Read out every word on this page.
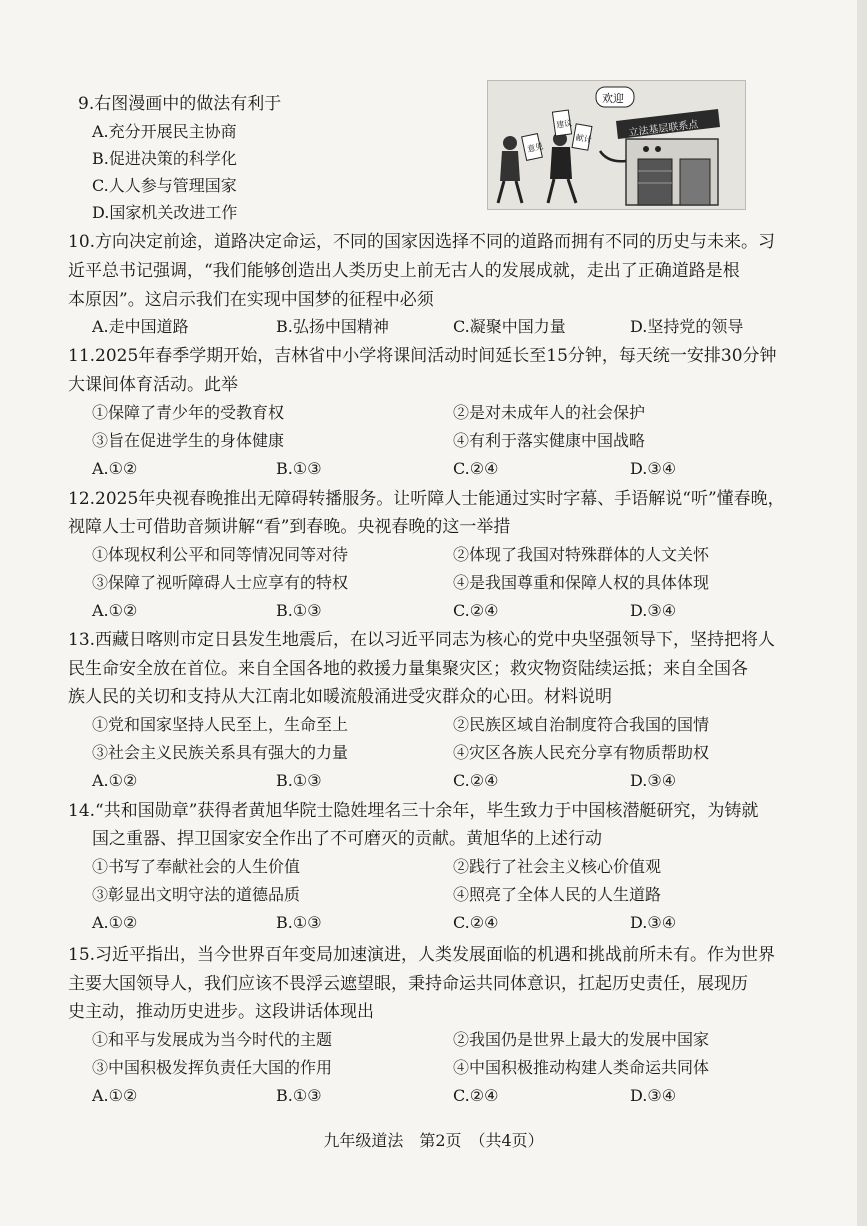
9.右图漫画中的做法有利于
A.充分开展民主协商
B.促进决策的科学化
C.人人参与管理国家
D.国家机关改进工作
立法基层联系点
欢迎
意见
建议
献计
10.方向决定前途，道路决定命运，不同的国家因选择不同的道路而拥有不同的历史与未来。习
近平总书记强调，“我们能够创造出人类历史上前无古人的发展成就，走出了正确道路是根
本原因”。这启示我们在实现中国梦的征程中必须
A.走中国道路	B.弘扬中国精神	C.凝聚中国力量	D.坚持党的领导
11.2025年春季学期开始，吉林省中小学将课间活动时间延长至15分钟，每天统一安排30分钟
大课间体育活动。此举
①保障了青少年的受教育权	②是对未成年人的社会保护
③旨在促进学生的身体健康	④有利于落实健康中国战略
A.①②	B.①③	C.②④	D.③④
12.2025年央视春晚推出无障碍转播服务。让听障人士能通过实时字幕、手语解说“听”懂春晚，
视障人士可借助音频讲解“看”到春晚。央视春晚的这一举措
①体现权利公平和同等情况同等对待	②体现了我国对特殊群体的人文关怀
③保障了视听障碍人士应享有的特权	④是我国尊重和保障人权的具体体现
A.①②	B.①③	C.②④	D.③④
13.西藏日喀则市定日县发生地震后，在以习近平同志为核心的党中央坚强领导下，坚持把将人
民生命安全放在首位。来自全国各地的救援力量集聚灾区；救灾物资陆续运抵；来自全国各
族人民的关切和支持从大江南北如暖流般涌进受灾群众的心田。材料说明
①党和国家坚持人民至上，生命至上	②民族区域自治制度符合我国的国情
③社会主义民族关系具有强大的力量	④灾区各族人民充分享有物质帮助权
A.①②	B.①③	C.②④	D.③④
14.“共和国勋章”获得者黄旭华院士隐姓埋名三十余年，毕生致力于中国核潜艇研究，为铸就
国之重器、捍卫国家安全作出了不可磨灭的贡献。黄旭华的上述行动
①书写了奉献社会的人生价值	②践行了社会主义核心价值观
③彰显出文明守法的道德品质	④照亮了全体人民的人生道路
A.①②	B.①③	C.②④	D.③④
15.习近平指出，当今世界百年变局加速演进，人类发展面临的机遇和挑战前所未有。作为世界
主要大国领导人，我们应该不畏浮云遮望眼，秉持命运共同体意识，扛起历史责任，展现历
史主动，推动历史进步。这段讲话体现出
①和平与发展成为当今时代的主题	②我国仍是世界上最大的发展中国家
③中国积极发挥负责任大国的作用	④中国积极推动构建人类命运共同体
A.①②	B.①③	C.②④	D.③④
九年级道法　第2页　（共4页）
